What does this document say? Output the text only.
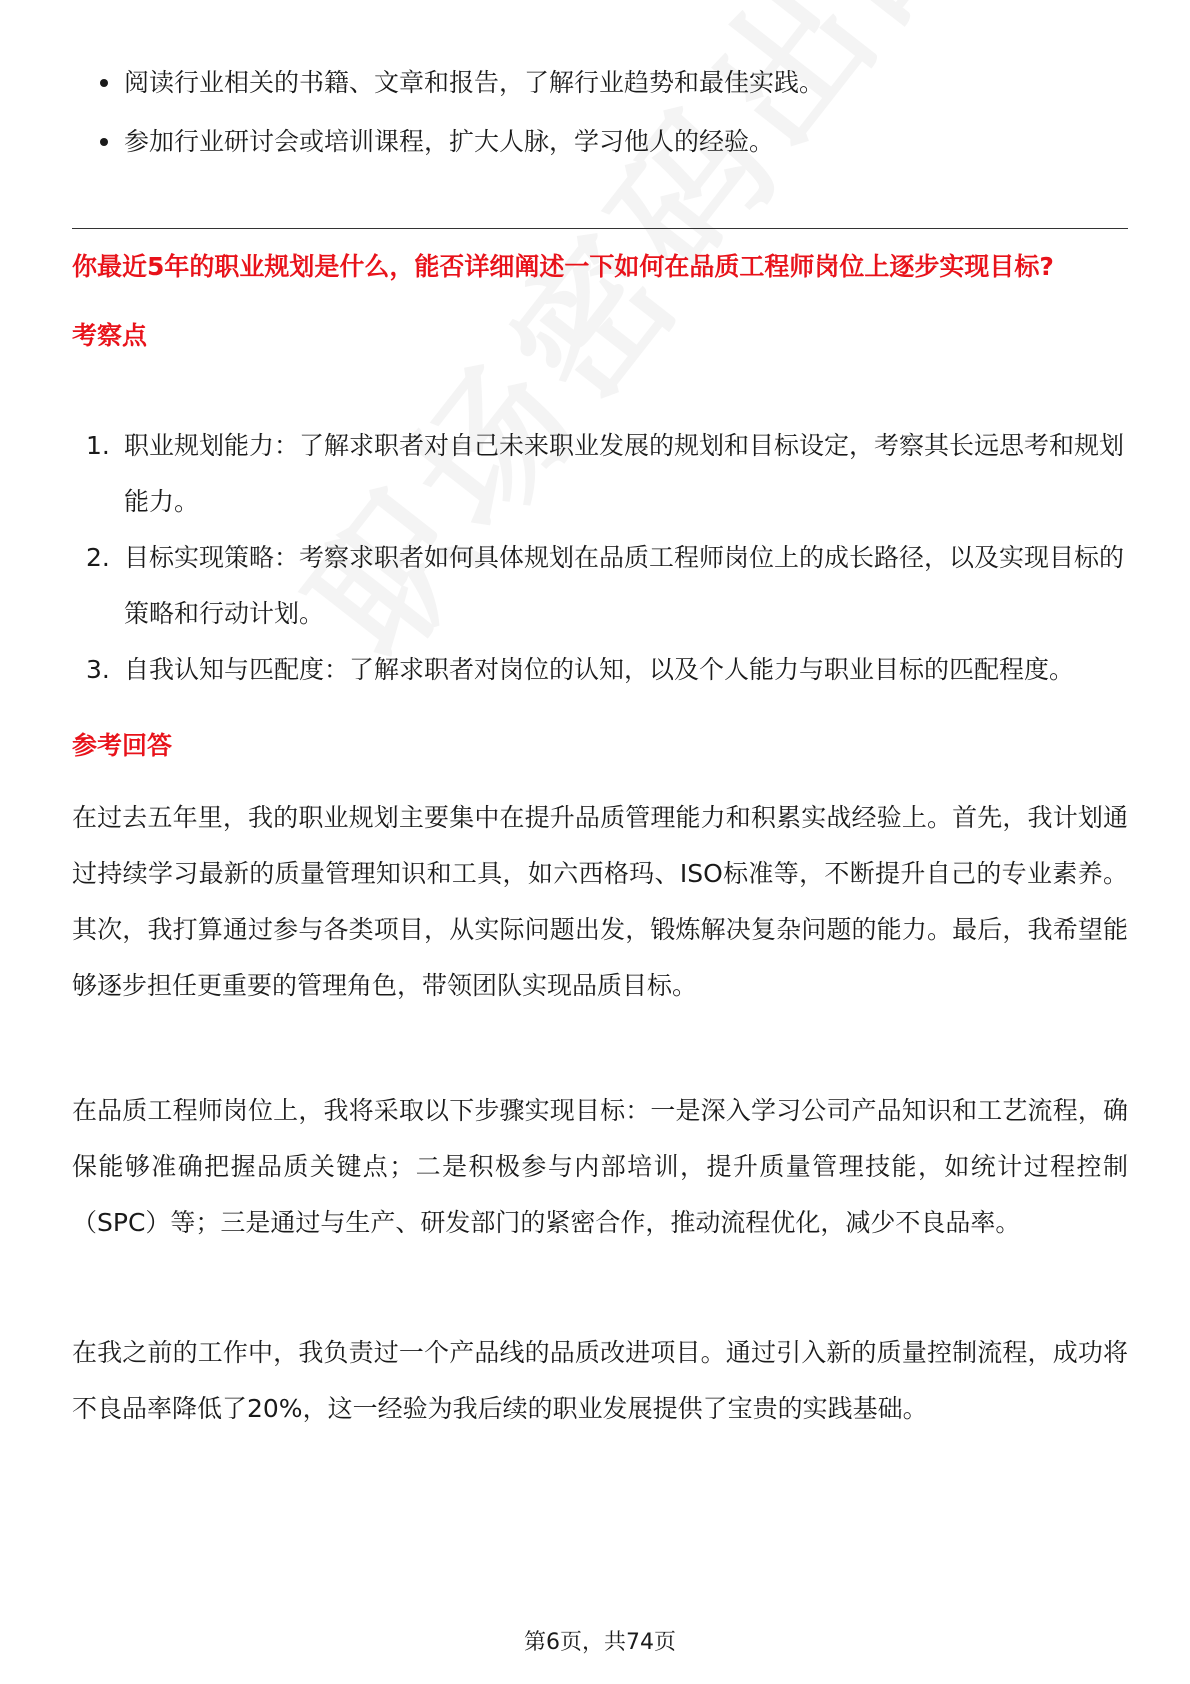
阅读行业相关的书籍、文章和报告，了解行业趋势和最佳实践。
参加行业研讨会或培训课程，扩大人脉，学习他人的经验。
你最近5年的职业规划是什么，能否详细阐述一下如何在品质工程师岗位上逐步实现目标?
考察点
1. 职业规划能力：了解求职者对自己未来职业发展的规划和目标设定，考察其长远思考和规划能力。
2. 目标实现策略：考察求职者如何具体规划在品质工程师岗位上的成长路径，以及实现目标的策略和行动计划。
3. 自我认知与匹配度：了解求职者对岗位的认知，以及个人能力与职业目标的匹配程度。
参考回答

在过去五年里，我的职业规划主要集中在提升品质管理能力和积累实战经验上。首先，我计划通过持续学习最新的质量管理知识和工具，如六西格玛、ISO标准等，不断提升自己的专业素养。其次，我打算通过参与各类项目，从实际问题出发，锻炼解决复杂问题的能力。最后，我希望能够逐步担任更重要的管理角色，带领团队实现品质目标。

在品质工程师岗位上，我将采取以下步骤实现目标：一是深入学习公司产品知识和工艺流程，确保能够准确把握品质关键点；二是积极参与内部培训，提升质量管理技能，如统计过程控制（SPC）等；三是通过与生产、研发部门的紧密合作，推动流程优化，减少不良品率。

在我之前的工作中，我负责过一个产品线的品质改进项目。通过引入新的质量控制流程，成功将不良品率降低了20%，这一经验为我后续的职业发展提供了宝贵的实践基础。

第6页，共74页
